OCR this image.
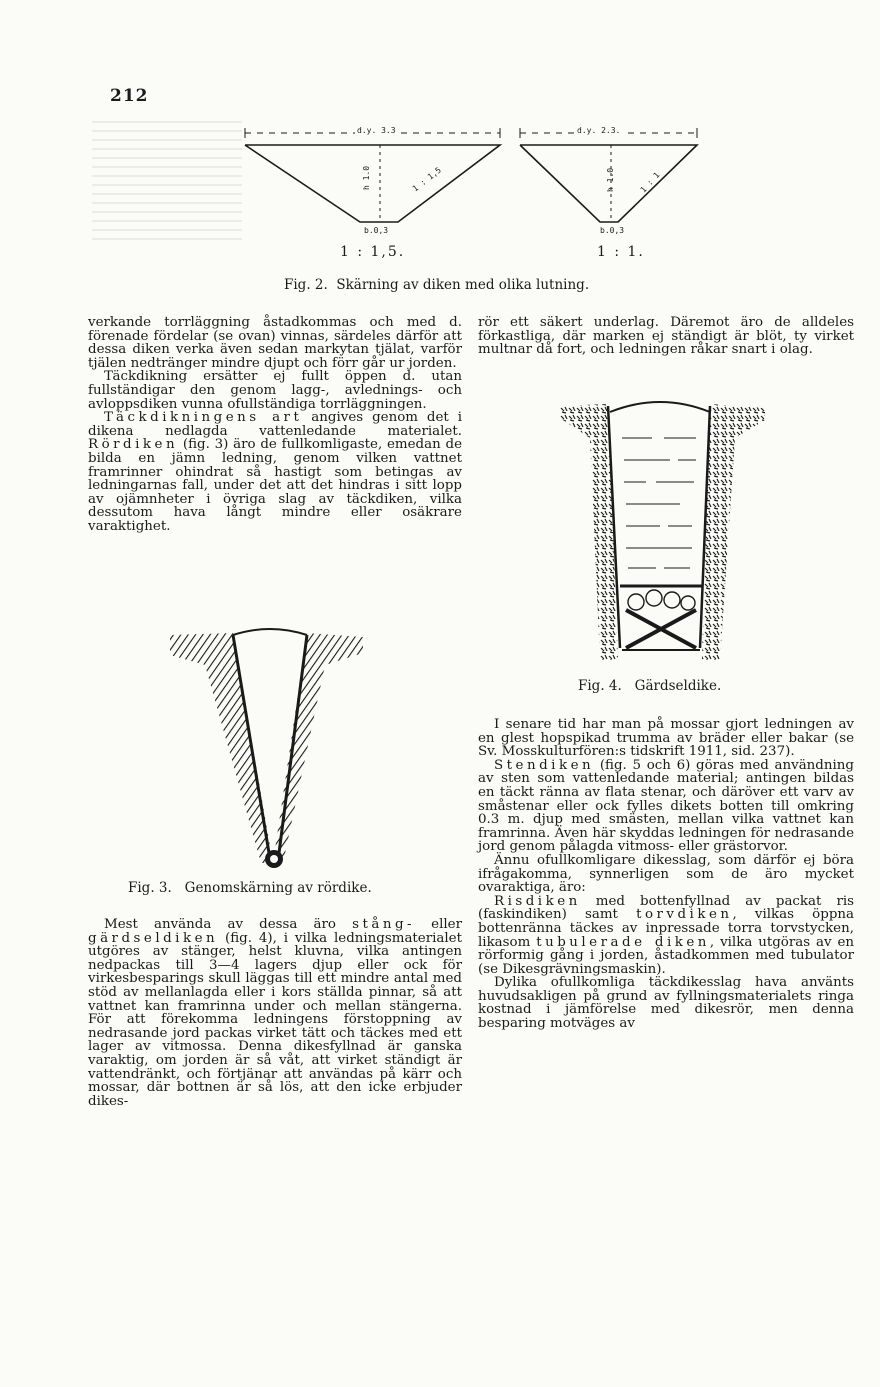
212
d.y. 3.3
h 1.0	1 : 1,5
b.0,3
1 : 1,5.
d.y. 2.3.
h 1.0	1 : 1
b.0,3
1 : 1.
Fig. 2.  Skärning av diken med olika lutning.

verkande torrläggning åstadkommas och med d. förenade fördelar (se ovan) vinnas, särdeles därför att dessa diken verka även sedan markytan tjälat, varför tjälen nedtränger mindre djupt och förr går ur jorden.

Täckdikning ersätter ej fullt öppen d. utan fullständigar den genom lagg-, avlednings- och avloppsdiken vunna ofullständiga torrläggningen.

Täckdikningens art angives genom det i dikena nedlagda vattenledande materialet. Rördiken (fig. 3) äro de fullkomligaste, emedan de bilda en jämn ledning, genom vilken vattnet framrinner ohindrat så hastigt som betingas av ledningarnas fall, under det att det hindras i sitt lopp av ojämnheter i övriga slag av täckdiken, vilka dessutom hava långt mindre eller osäkrare varaktighet.

Fig. 3.   Genomskärning av rördike.

Mest använda av dessa äro stång- eller gärdseldiken (fig. 4), i vilka ledningsmaterialet utgöres av stänger, helst kluvna, vilka antingen nedpackas till 3—4 lagers djup eller ock för virkesbesparings skull läggas till ett mindre antal med stöd av mellanlagda eller i kors ställda pinnar, så att vattnet kan framrinna under och mellan stängerna. För att förekomma ledningens förstoppning av nedrasande jord packas virket tätt och täckes med ett lager av vitmossa. Denna dikesfyllnad är ganska varaktig, om jorden är så våt, att virket ständigt är vattendränkt, och förtjänar att användas på kärr och mossar, där bottnen är så lös, att den icke erbjuder dikes-

rör ett säkert underlag. Däremot äro de alldeles förkastliga, där marken ej ständigt är blöt, ty virket multnar då fort, och ledningen råkar snart i olag.

Fig. 4.   Gärdseldike.

I senare tid har man på mossar gjort ledningen av en glest hopspikad trumma av bräder eller bakar (se Sv. Mosskulturfören:s tidskrift 1911, sid. 237).

Stendiken (fig. 5 och 6) göras med användning av sten som vattenledande material; antingen bildas en täckt ränna av flata stenar, och däröver ett varv av småstenar eller ock fylles dikets botten till omkring 0.3 m. djup med smästen, mellan vilka vattnet kan framrinna. Även här skyddas ledningen för nedrasande jord genom pålagda vitmoss- eller grästorvor.

Ännu ofullkomligare dikesslag, som därför ej böra ifrågakomma, synnerligen som de äro mycket ovaraktiga, äro:

Risdiken med bottenfyllnad av packat ris (faskindiken) samt torvdiken, vilkas öppna bottenränna täckes av inpressade torra torvstycken, likasom tubulerade diken, vilka utgöras av en rörformig gång i jorden, åstadkommen med tubulator (se Dikesgrävningsmaskin).

Dylika ofullkomliga täckdikesslag hava använts huvudsakligen på grund av fyllningsmaterialets ringa kostnad i jämförelse med dikesrör, men denna besparing motväges av
